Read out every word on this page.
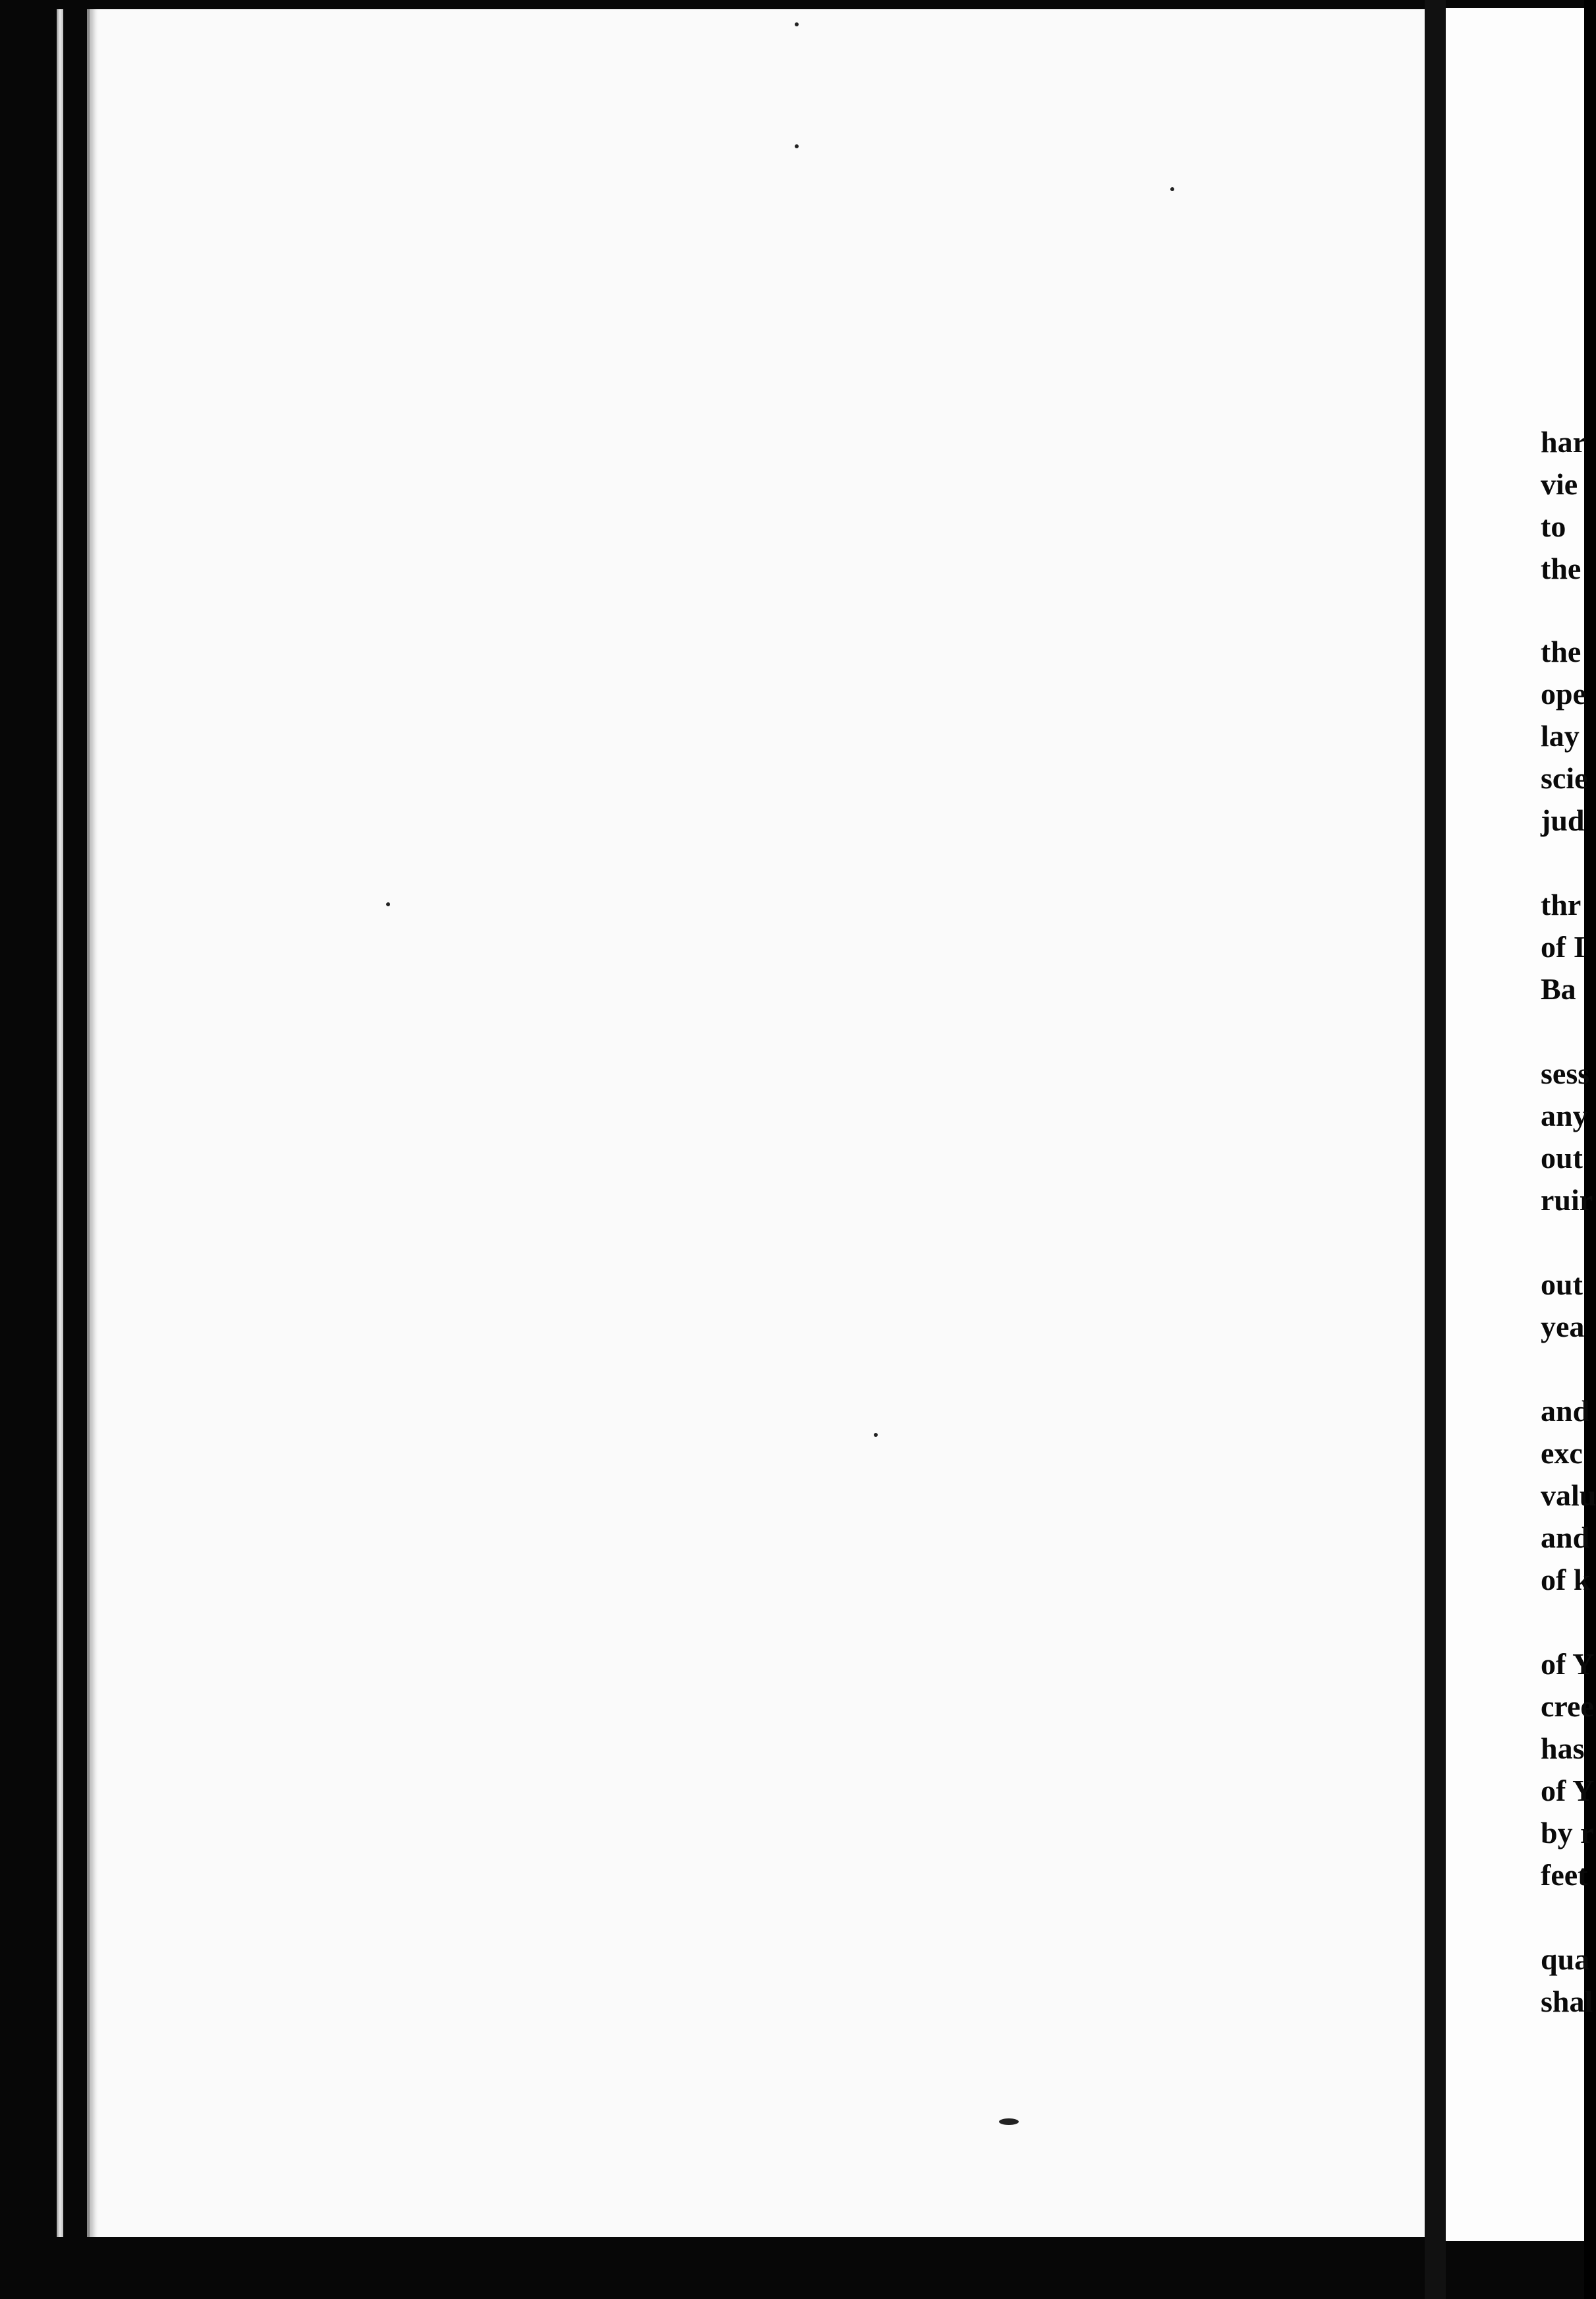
har
vie
to
the
the
ope
lay
scie
jud
thr
of I
Ba
sess
any
out
ruir
out
yea
and
exc
valu
and
of k
of Y
cree
has
of Y
by r
feet
qua
shal
